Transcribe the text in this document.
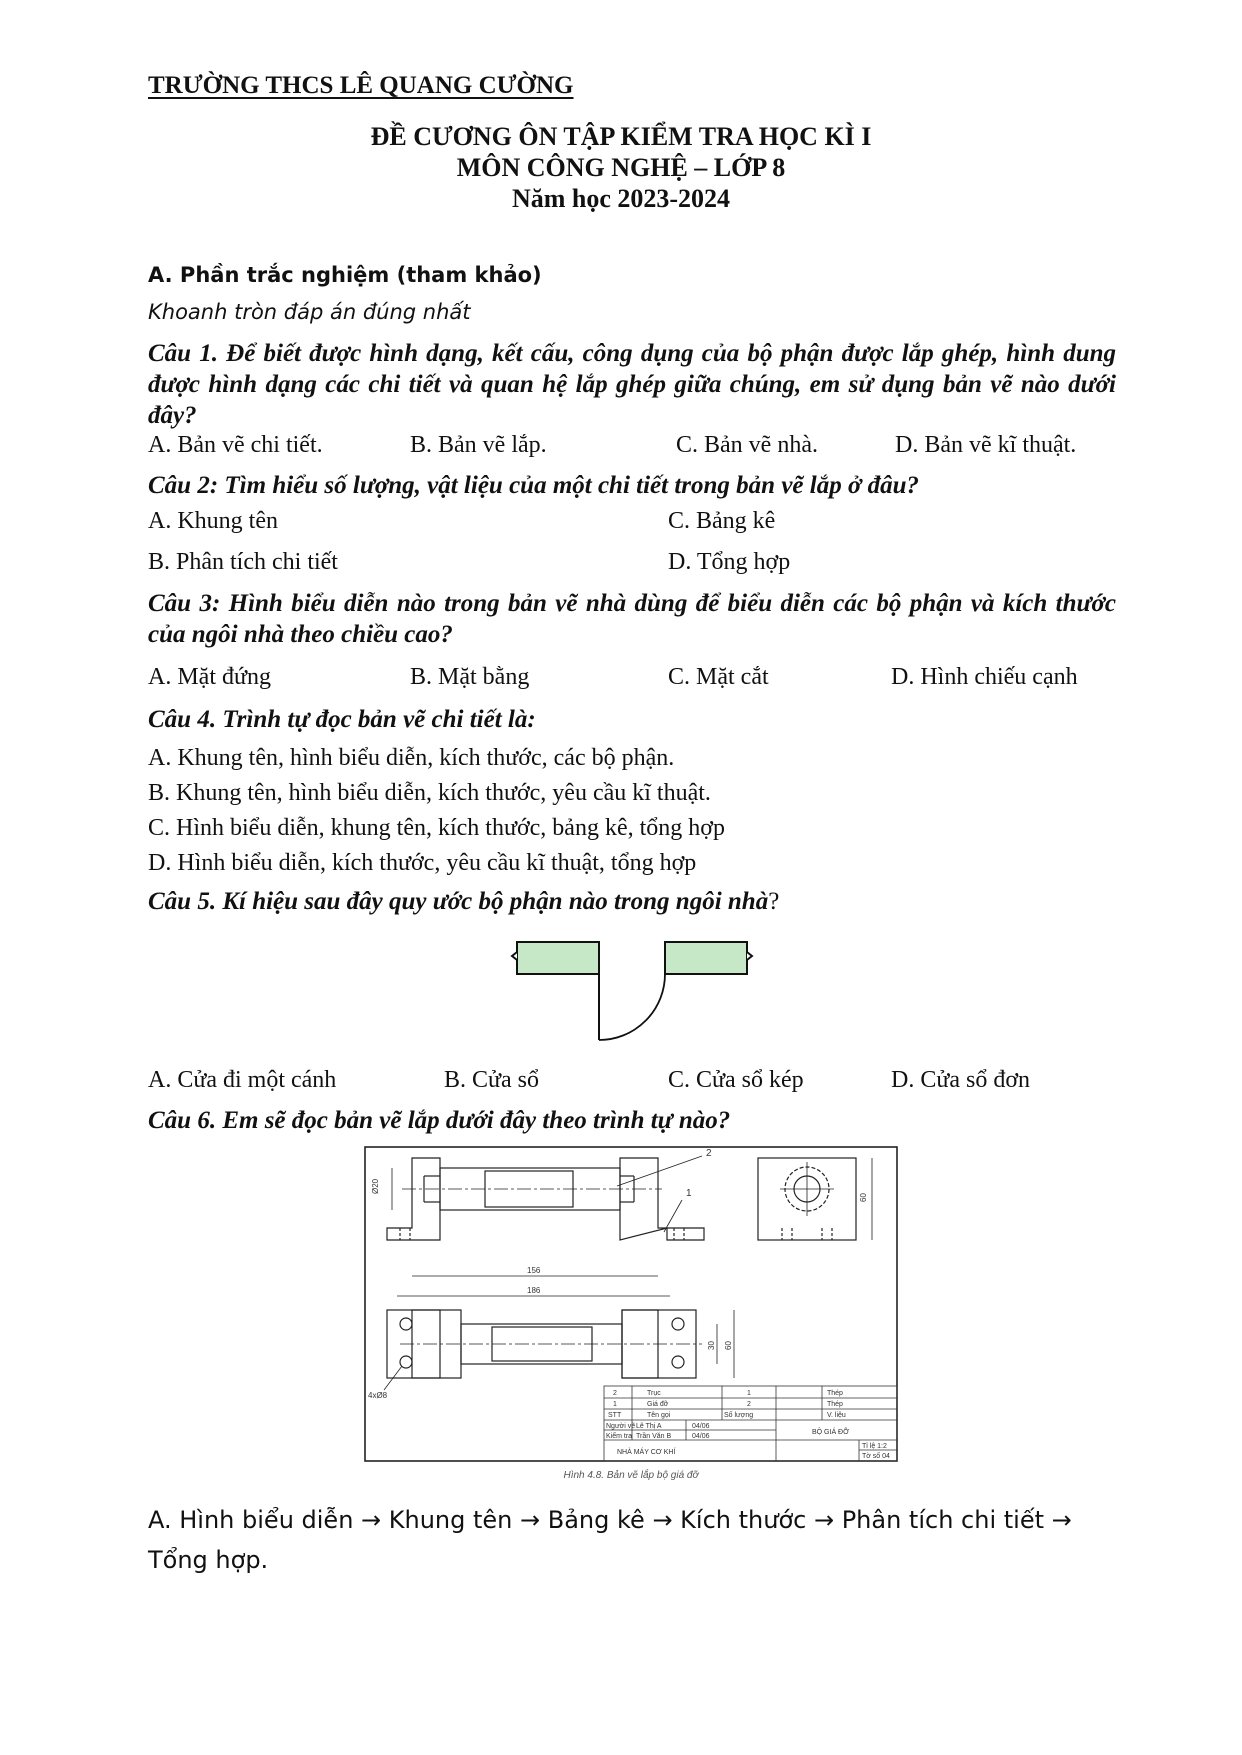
TRƯỜNG THCS LÊ QUANG CƯỜNG
ĐỀ CƯƠNG ÔN TẬP KIỂM TRA HỌC KÌ I
MÔN CÔNG NGHỆ – LỚP 8
Năm học 2023-2024
A. Phần trắc nghiệm (tham khảo)
Khoanh tròn đáp án đúng nhất
Câu 1. Để biết được hình dạng, kết cấu, công dụng của bộ phận được lắp ghép, hình dung được hình dạng các chi tiết và quan hệ lắp ghép giữa chúng, em sử dụng bản vẽ nào dưới đây?
A. Bản vẽ chi tiết.	B. Bản vẽ lắp.	C. Bản vẽ nhà.	D. Bản vẽ kĩ thuật.
Câu 2: Tìm hiểu số lượng, vật liệu của một chi tiết trong bản vẽ lắp ở đâu?
A. Khung tên	C. Bảng kê
B. Phân tích chi tiết	D. Tổng hợp
Câu 3: Hình biểu diễn nào trong bản vẽ nhà dùng để biểu diễn các bộ phận và kích thước của ngôi nhà theo chiều cao?
A. Mặt đứng	B. Mặt bằng	C. Mặt cắt	D. Hình chiếu cạnh
Câu 4. Trình tự đọc bản vẽ chi tiết là:
A. Khung tên, hình biểu diễn, kích thước, các bộ phận.
B. Khung tên, hình biểu diễn, kích thước, yêu cầu kĩ thuật.
C. Hình biểu diễn, khung tên, kích thước, bảng kê, tổng hợp
D. Hình biểu diễn, kích thước, yêu cầu kĩ thuật, tổng hợp
Câu 5. Kí hiệu sau đây quy ước bộ phận nào trong ngôi nhà?
A. Cửa đi một cánh	B. Cửa sổ	C. Cửa sổ kép	D. Cửa sổ đơn
Câu 6. Em sẽ đọc bản vẽ lắp dưới đây theo trình tự nào?
Ø20
156
186
2
1	60
30 60
4xØ8	2	Trục	1	Thép
1	Giá đỡ	2	Thép
STT	Tên gọi	Số lượng	V. liệu
Người vẽ Lê Thị A	04/06
Kiểm tra Trần Văn B	04/06
BỘ GIÁ ĐỠ
NHÀ MÁY CƠ KHÍ
Tỉ lệ 1:2
Tờ số 04
Hình 4.8. Bản vẽ lắp bộ giá đỡ
A. Hình biểu diễn → Khung tên → Bảng kê → Kích thước → Phân tích chi tiết → Tổng hợp.
